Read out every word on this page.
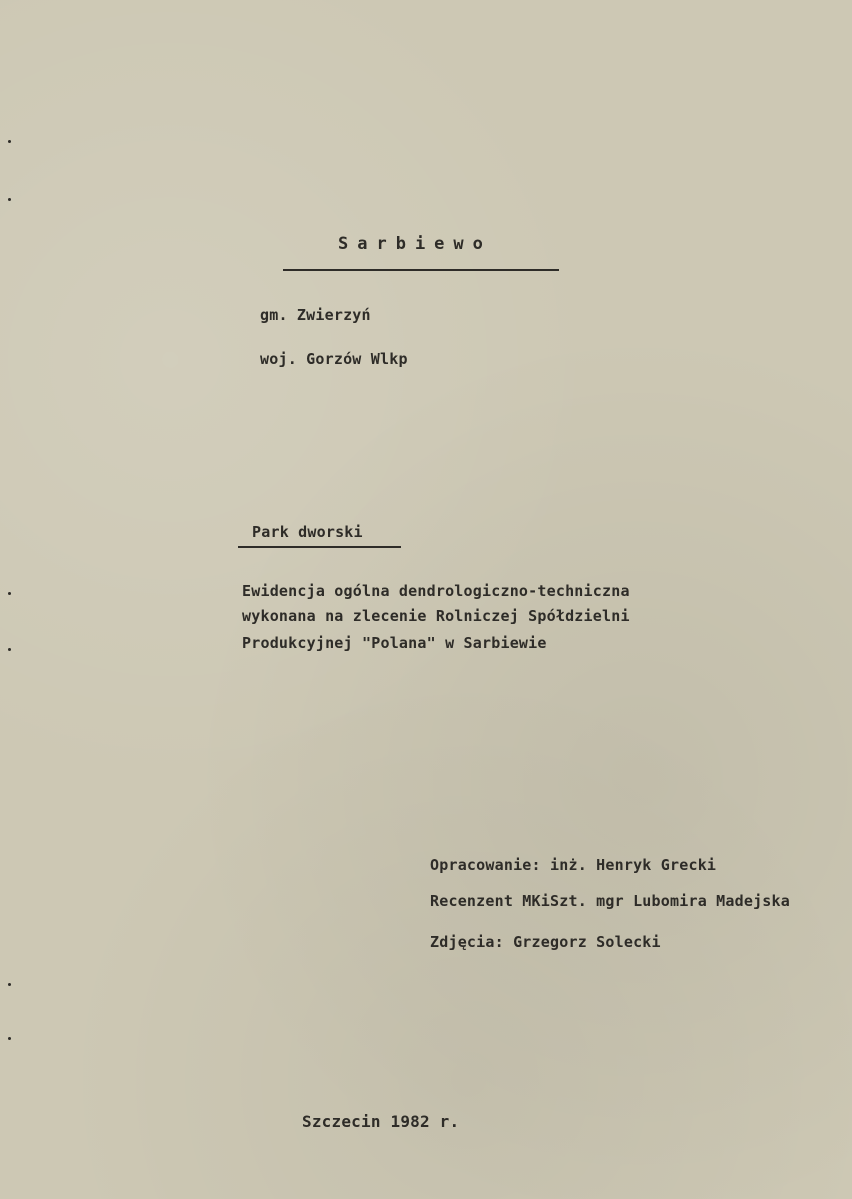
Sarbiewo
gm. Zwierzyń
woj. Gorzów Wlkp
Park dworski
Ewidencja ogólna dendrologiczno-techniczna
wykonana na zlecenie Rolniczej Spółdzielni
Produkcyjnej "Polana" w Sarbiewie
Opracowanie: inż. Henryk Grecki
Recenzent MKiSzt. mgr Lubomira Madejska
Zdjęcia: Grzegorz Solecki
Szczecin 1982 r.
